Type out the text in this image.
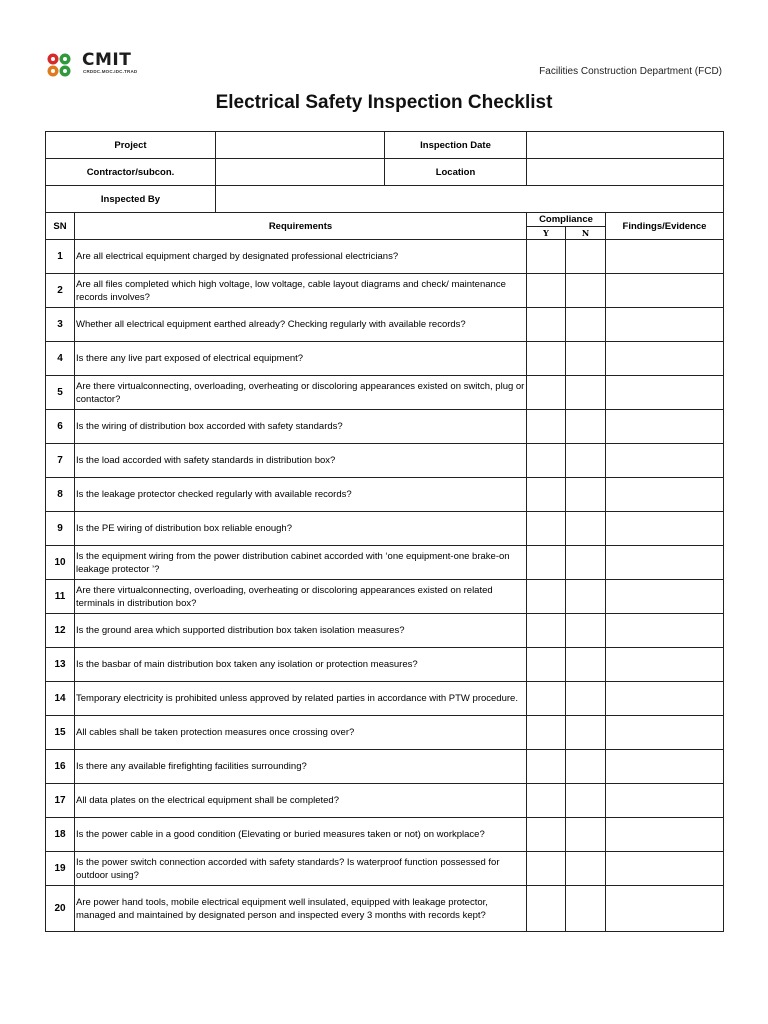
CMIT
CRDDC.MOC.IDC.TRAD	Facilities Construction Department (FCD)
Electrical Safety Inspection Checklist
Project			Inspection Date			
Contractor/subcon.			Location			
Inspected By						
SN	Requirements			Compliance		Findings/Evidence
				Y	N	
1	Are all electrical equipment charged by designated professional electricians?					
2	Are all files completed which high voltage, low voltage, cable layout diagrams and check/ maintenance records involves?					
3	Whether all electrical equipment earthed already? Checking regularly with available records?					
4	Is there any live part exposed of electrical equipment?					
5	Are there virtualconnecting, overloading, overheating or discoloring appearances existed on switch, plug or contactor?					
6	Is the wiring of distribution box accorded with safety standards?					
7	Is the load accorded with safety standards in distribution box?					
8	Is the leakage protector checked regularly with available records?					
9	Is the PE wiring of distribution box reliable enough?					
10	Is the equipment wiring from the power distribution cabinet accorded with ‘one equipment-one brake-on leakage protector ’?					
11	Are there virtualconnecting, overloading, overheating or discoloring appearances existed on related terminals in distribution box?					
12	Is the ground area which supported distribution box taken isolation measures?					
13	Is the basbar of main distribution box taken any isolation or protection measures?					
14	Temporary electricity is prohibited unless approved by related parties in accordance with PTW procedure.					
15	All cables shall be taken protection measures once crossing over?					
16	Is there any available firefighting facilities surrounding?					
17	All data plates on the electrical equipment shall be completed?					
18	Is the power cable in a good condition (Elevating or buried measures taken or not) on workplace?					
19	Is the power switch connection accorded with safety standards? Is waterproof function possessed for outdoor using?					
20	Are power hand tools, mobile electrical equipment well insulated, equipped with leakage protector, managed and maintained by designated person and inspected every 3 months with records kept?					
